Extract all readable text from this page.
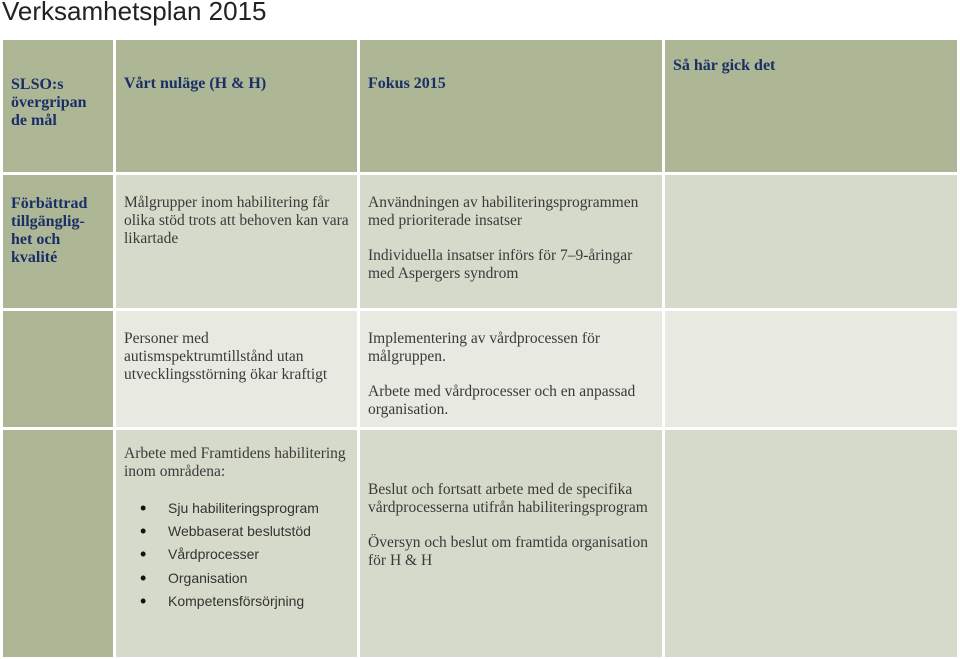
Verksamhetsplan 2015
SLSO:s övergripan de mål
Vårt nuläge (H & H)	Fokus 2015
Så här gick det
Förbättrad tillgänglig-het och kvalité

Målgrupper inom habilitering får olika stöd trots att behoven kan vara likartade

Användningen av habiliteringsprogrammen med prioriterade insatser

Individuella insatser införs för 7–9-åringar med Aspergers syndrom

Personer med autismspektrumtillstånd utan utvecklingsstörning ökar kraftigt

Implementering av vårdprocessen för målgruppen.

Arbete med vårdprocesser och en anpassad organisation.

Arbete med Framtidens habilitering inom områdena:

• Sju habiliteringsprogram
• Webbaserat beslutstöd
• Vårdprocesser
• Organisation
• Kompetensförsörjning

Beslut och fortsatt arbete med de specifika vårdprocesserna utifrån habiliteringsprogram

Översyn och beslut om framtida organisation för H & H
